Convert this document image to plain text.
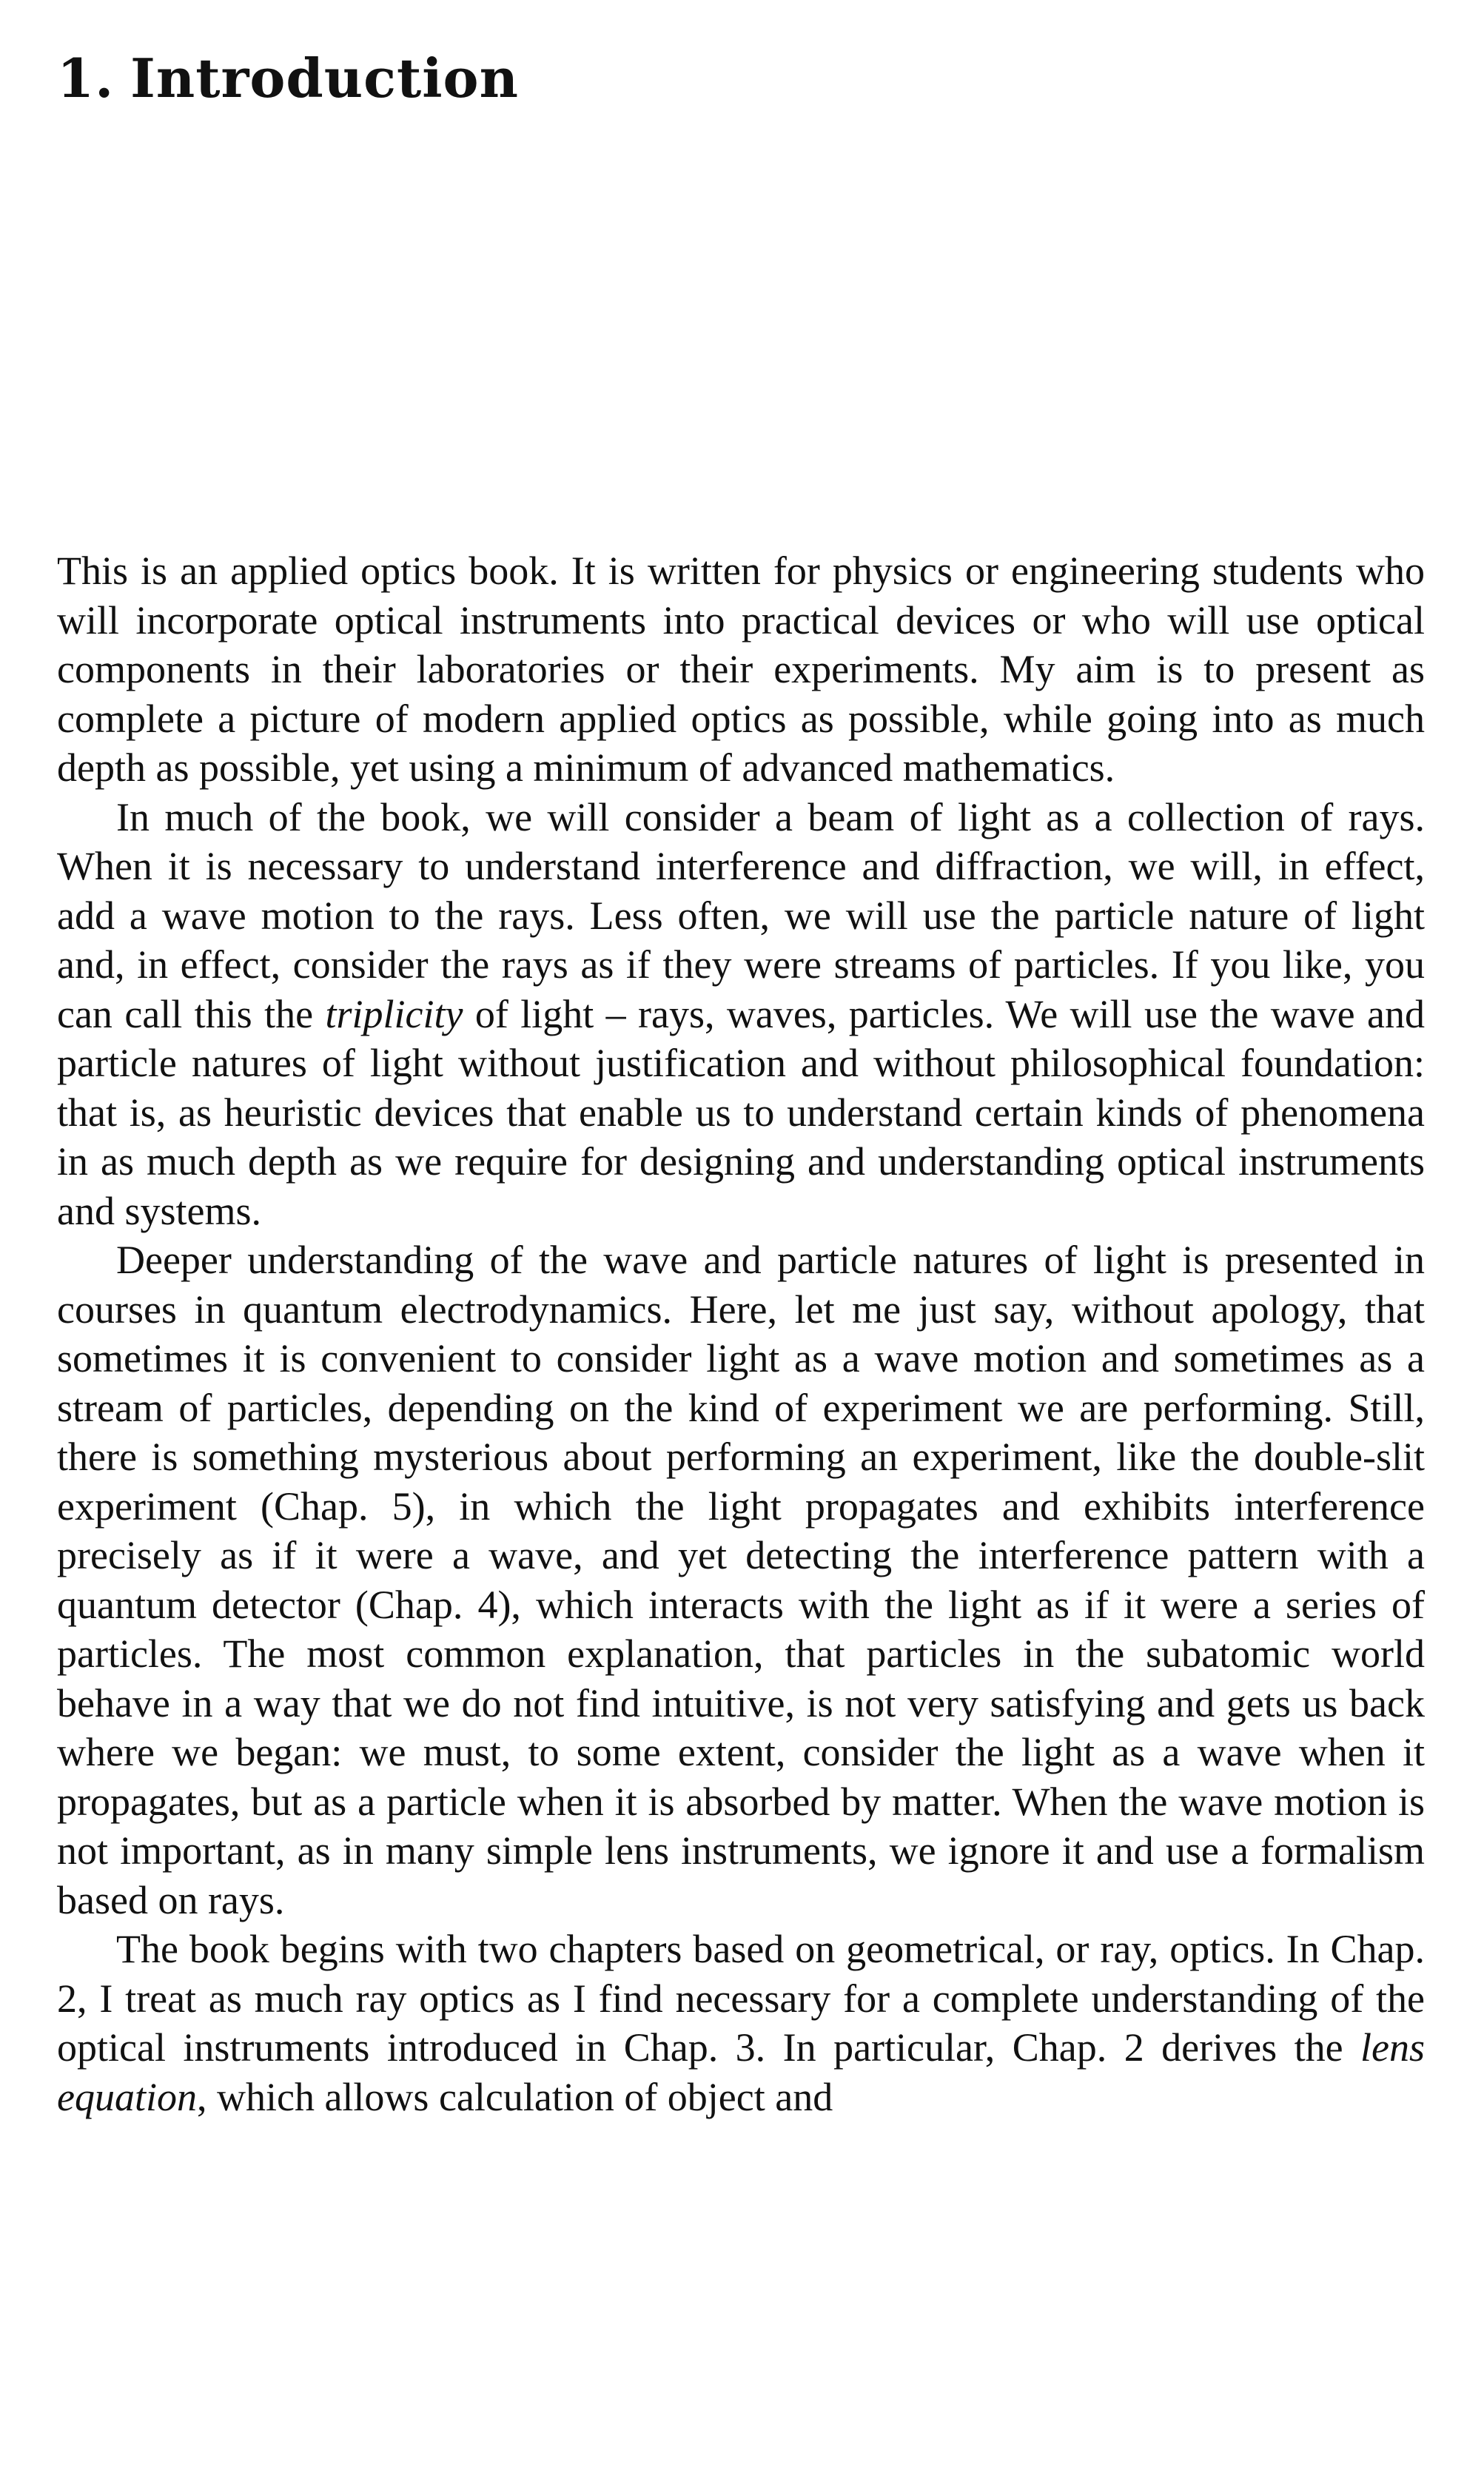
1. Introduction

This is an applied optics book. It is written for physics or engineering students who will incorporate optical instruments into practical devices or who will use optical components in their laboratories or their experiments. My aim is to present as complete a picture of modern applied optics as possible, while going into as much depth as possible, yet using a minimum of advanced mathematics.

In much of the book, we will consider a beam of light as a collection of rays. When it is necessary to understand interference and diffraction, we will, in effect, add a wave motion to the rays. Less often, we will use the particle nature of light and, in effect, consider the rays as if they were streams of particles. If you like, you can call this the triplicity of light – rays, waves, particles. We will use the wave and particle natures of light without justification and without philosophical foundation: that is, as heuristic devices that enable us to understand certain kinds of phenomena in as much depth as we require for designing and understanding optical instruments and systems.

Deeper understanding of the wave and particle natures of light is presented in courses in quantum electrodynamics. Here, let me just say, without apology, that sometimes it is convenient to consider light as a wave motion and sometimes as a stream of particles, depending on the kind of experiment we are performing. Still, there is something mysterious about performing an experiment, like the double-slit experiment (Chap. 5), in which the light propagates and exhibits interference precisely as if it were a wave, and yet detecting the interference pattern with a quantum detector (Chap. 4), which interacts with the light as if it were a series of particles. The most common explanation, that particles in the subatomic world behave in a way that we do not find intuitive, is not very satisfying and gets us back where we began: we must, to some extent, consider the light as a wave when it propagates, but as a particle when it is absorbed by matter. When the wave motion is not important, as in many simple lens instruments, we ignore it and use a formalism based on rays.

The book begins with two chapters based on geometrical, or ray, optics. In Chap. 2, I treat as much ray optics as I find necessary for a complete understanding of the optical instruments introduced in Chap. 3. In particular, Chap. 2 derives the lens equation, which allows calculation of object and
